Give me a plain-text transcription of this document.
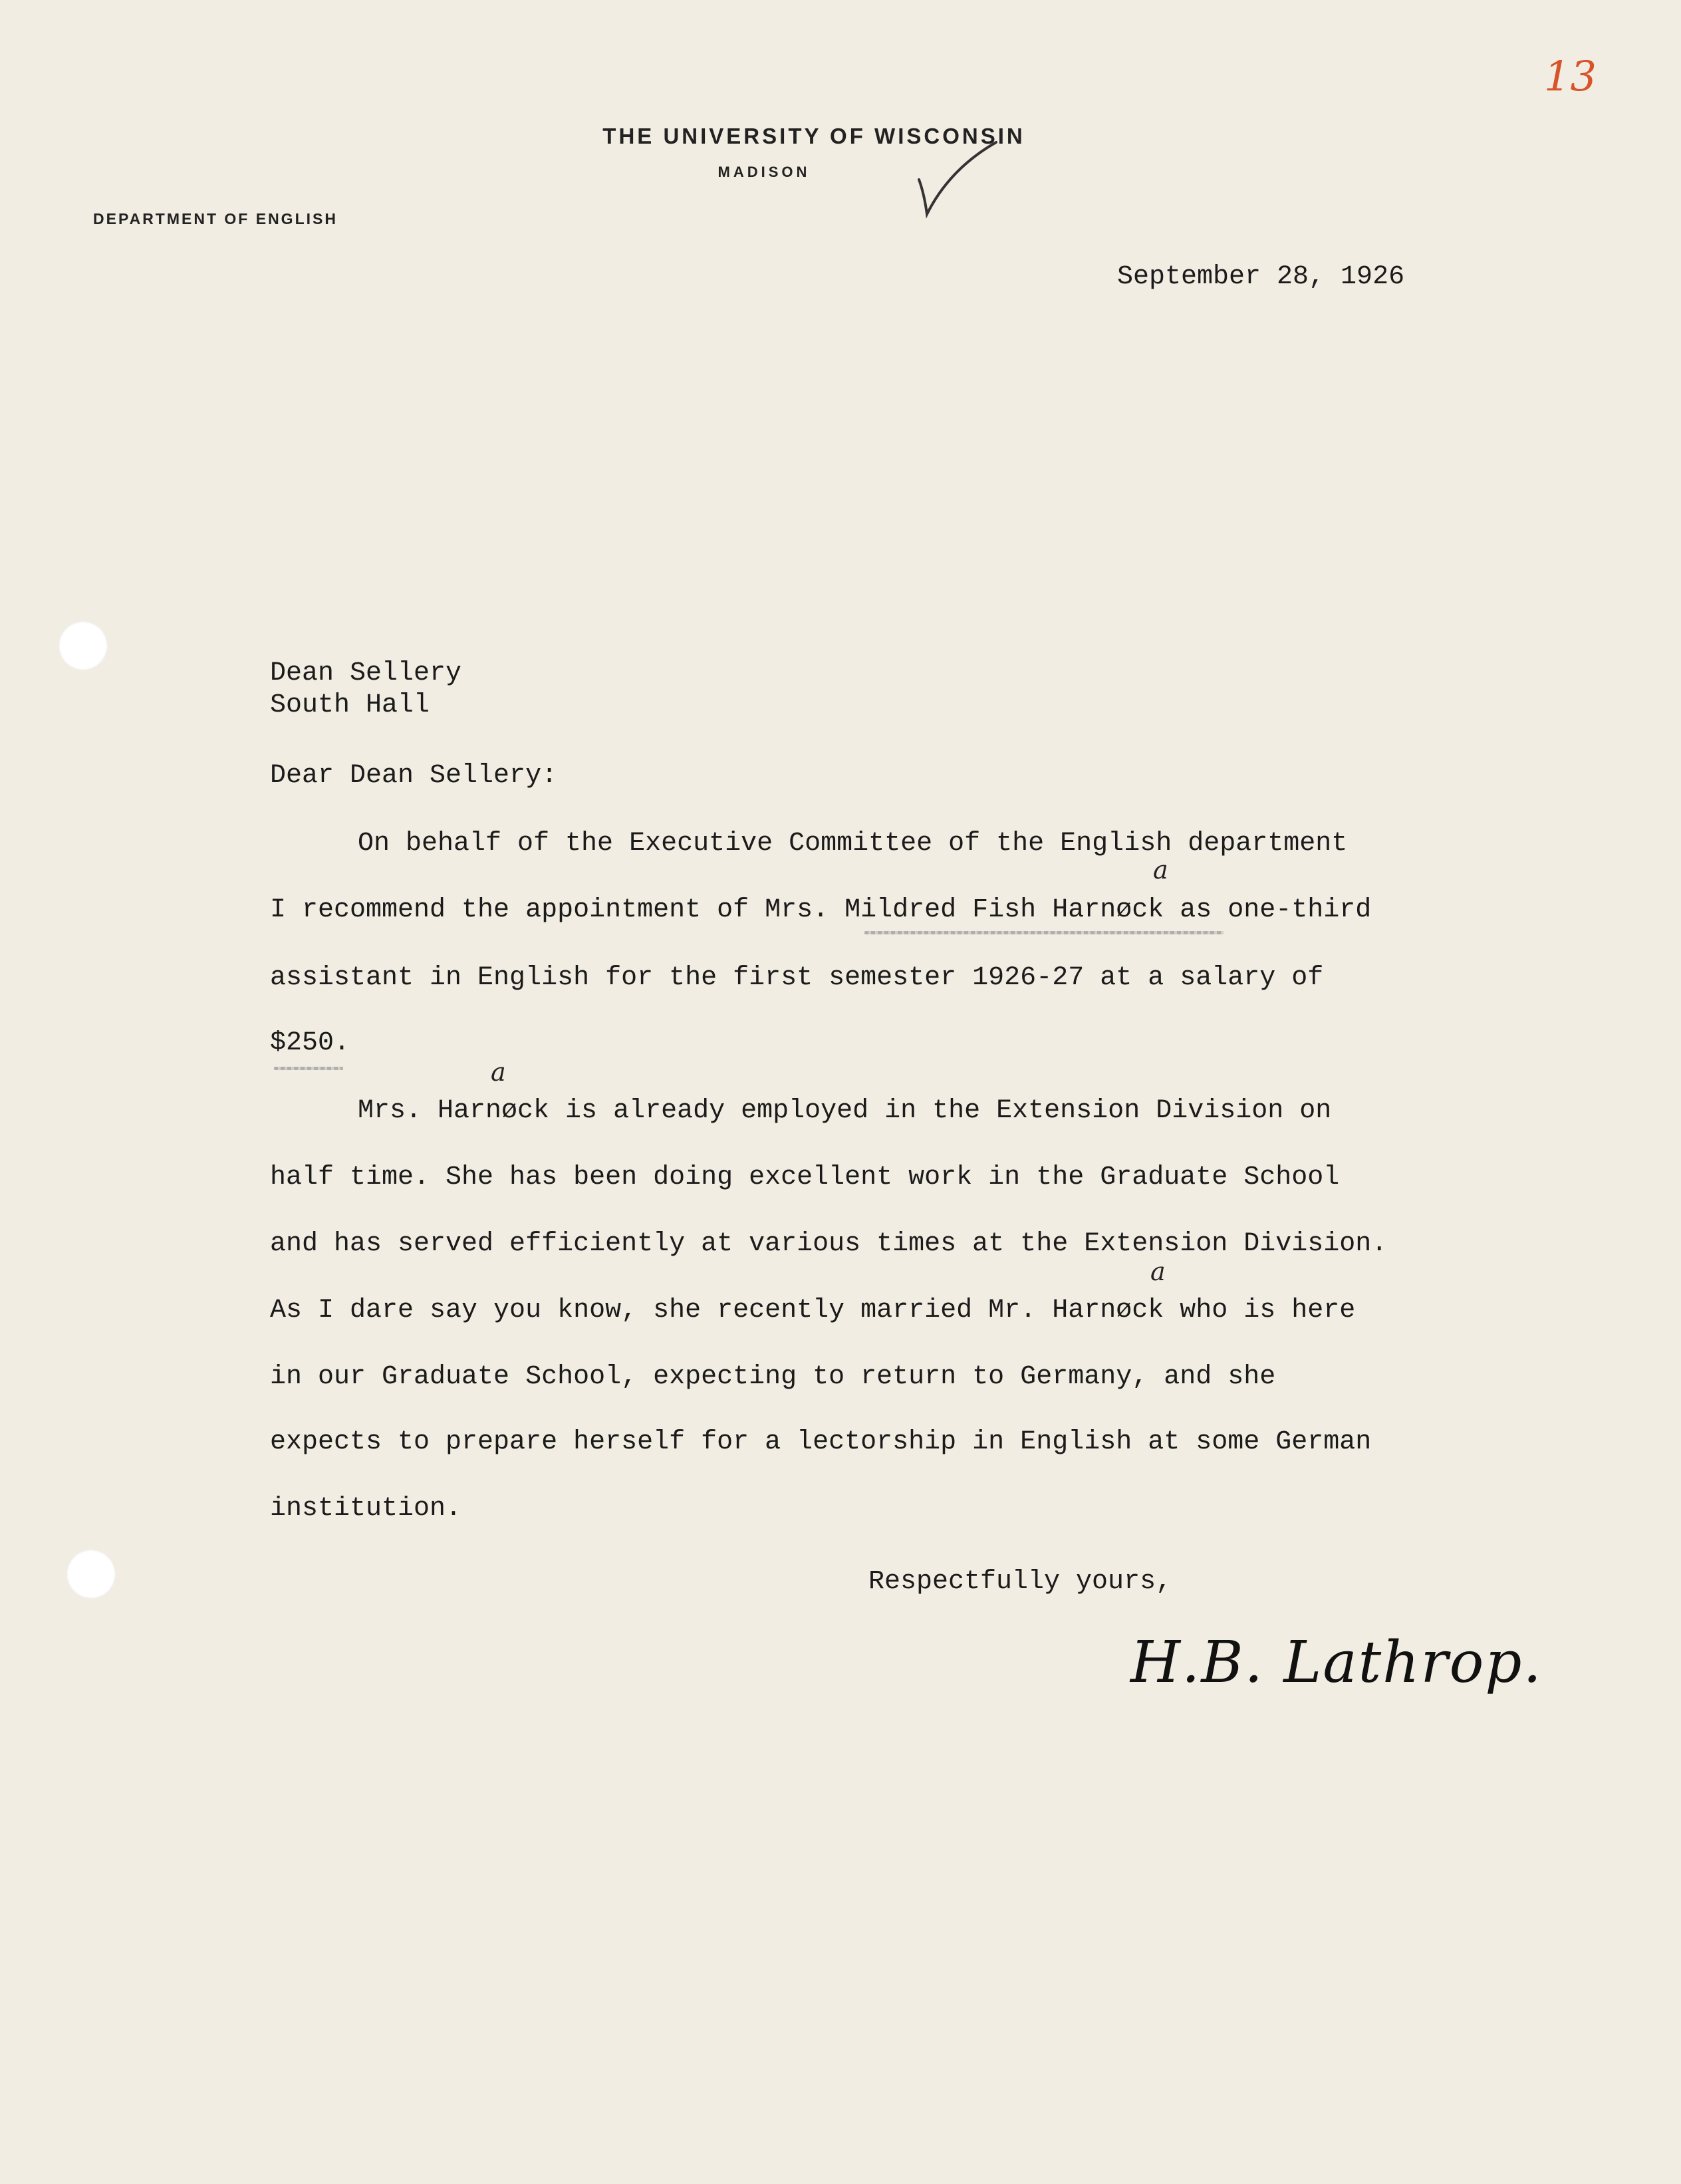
13
THE UNIVERSITY OF WISCONSIN
MADISON
DEPARTMENT OF ENGLISH
September 28, 1926
Dean Sellery
South Hall
Dear Dean Sellery:
On behalf of the Executive Committee of the English department
I recommend the appointment of Mrs. Mildred Fish Harnøck as one-third
a
assistant in English for the first semester 1926-27 at a salary of
$250.
Mrs. Harnøck is already employed in the Extension Division on
a
half time. She has been doing excellent work in the Graduate School
and has served efficiently at various times at the Extension Division.
As I dare say you know, she recently married Mr. Harnøck who is here
a
in our Graduate School, expecting to return to Germany, and she
expects to prepare herself for a lectorship in English at some German
institution.
Respectfully yours,
H.B. Lathrop.
